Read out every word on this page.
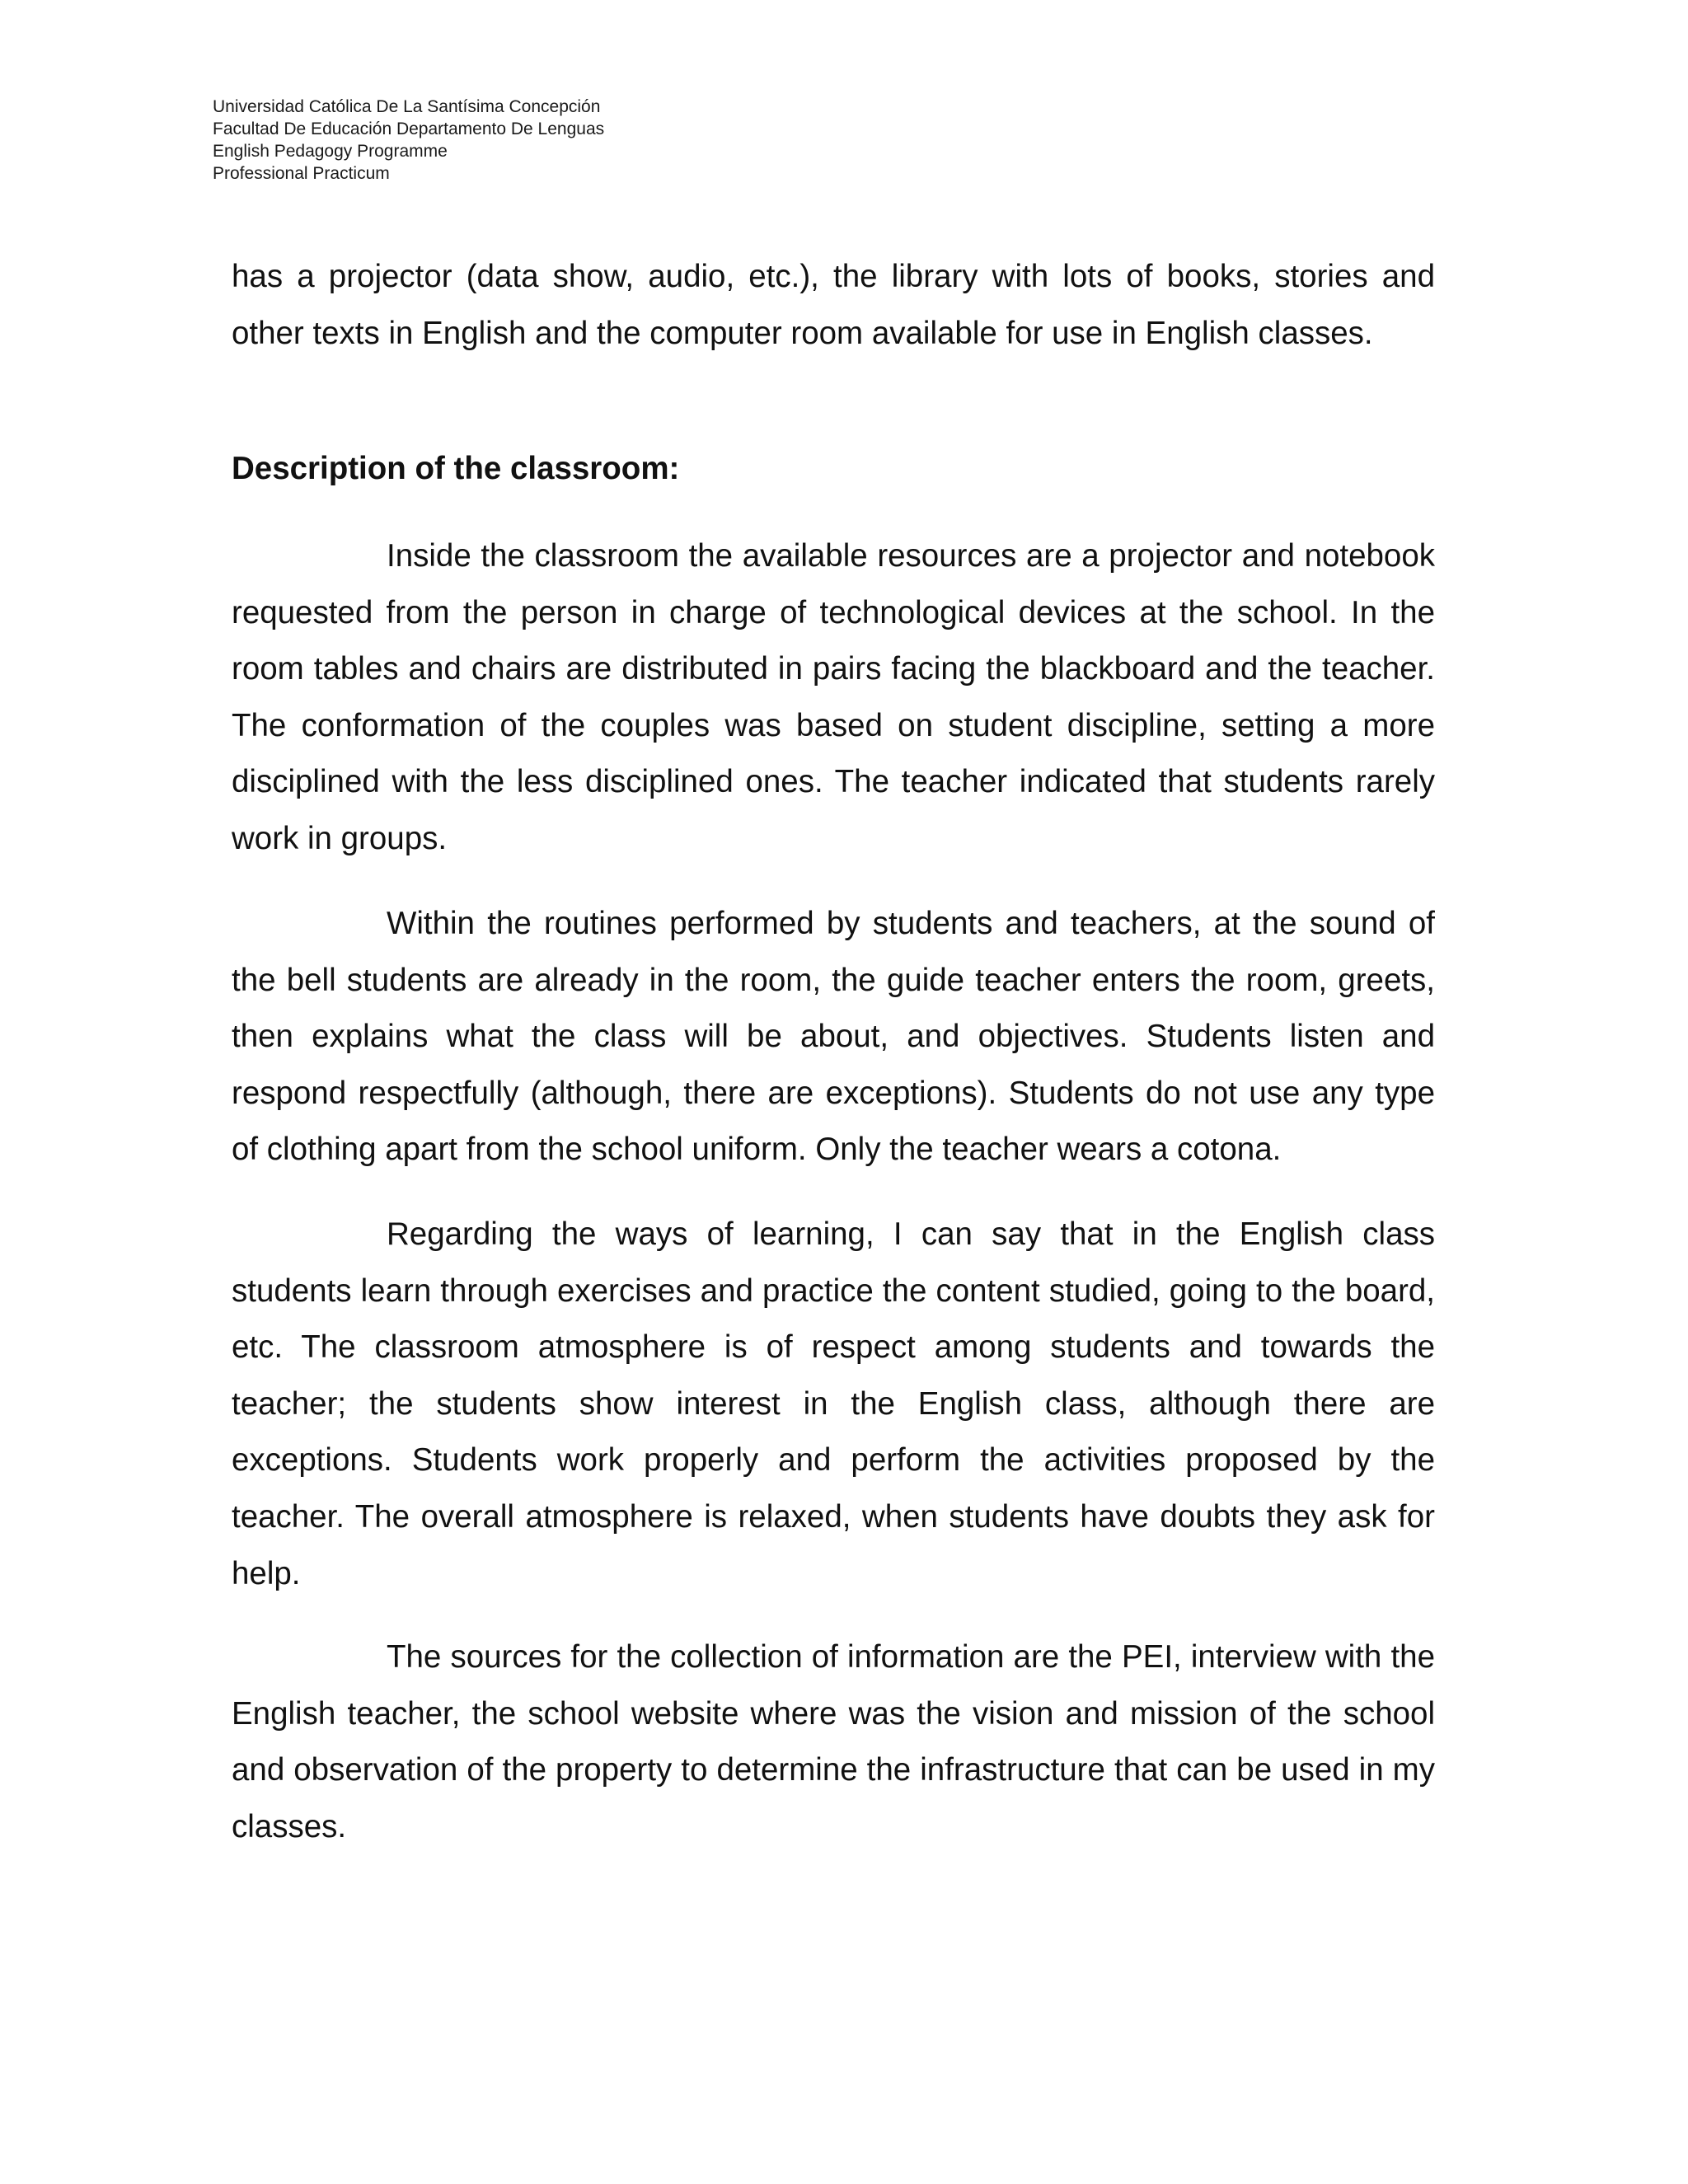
Universidad Católica De La Santísima Concepción
Facultad De Educación Departamento De Lenguas
English Pedagogy Programme
Professional Practicum

has a projector (data show, audio, etc.), the library with lots of books, stories and other texts in English and the computer room available for use in English classes.

Description of the classroom:

Inside the classroom the available resources are a projector and notebook requested from the person in charge of technological devices at the school. In the room tables and chairs are distributed in pairs facing the blackboard and the teacher. The conformation of the couples was based on student discipline, setting a more disciplined with the less disciplined ones. The teacher indicated that students rarely work in groups.

Within the routines performed by students and teachers, at the sound of the bell students are already in the room, the guide teacher enters the room, greets, then explains what the class will be about, and objectives. Students listen and respond respectfully (although, there are exceptions). Students do not use any type of clothing apart from the school uniform. Only the teacher wears a cotona.

Regarding the ways of learning, I can say that in the English class students learn through exercises and practice the content studied, going to the board, etc. The classroom atmosphere is of respect among students and towards the teacher; the students show interest in the English class, although there are exceptions. Students work properly and perform the activities proposed by the teacher. The overall atmosphere is relaxed, when students have doubts they ask for help.

The sources for the collection of information are the PEI, interview with the English teacher, the school website where was the vision and mission of the school and observation of the property to determine the infrastructure that can be used in my classes.
